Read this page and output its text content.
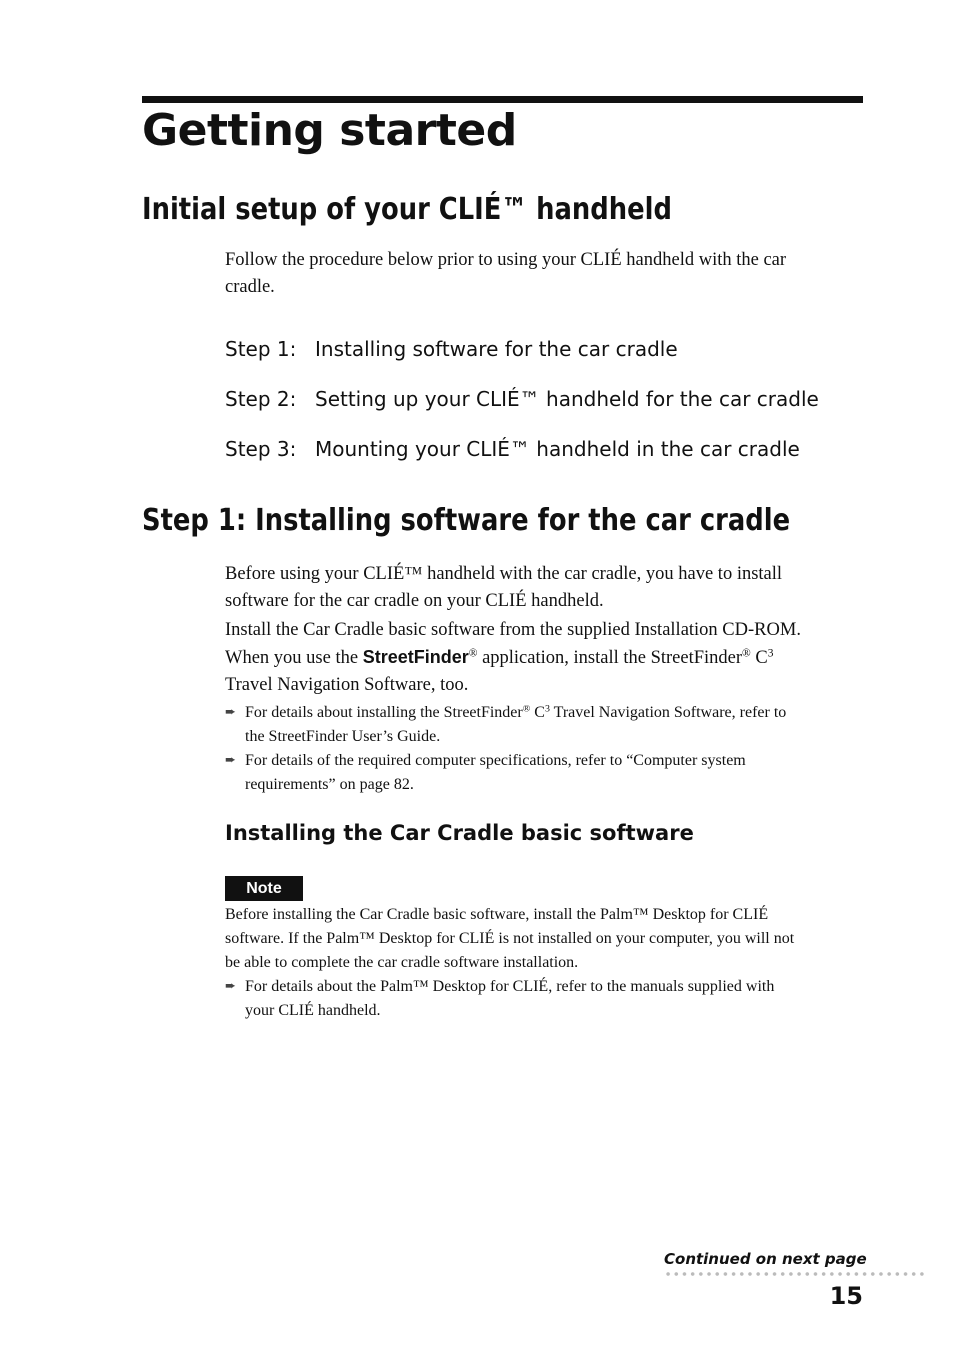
Getting started
Initial setup of your CLIÉ™ handheld

Follow the procedure below prior to using your CLIÉ handheld with the car
cradle.

Step 1: Installing software for the car cradle

Step 2: Setting up your CLIÉ™ handheld for the car cradle

Step 3: Mounting your CLIÉ™ handheld in the car cradle

Step 1: Installing software for the car cradle

Before using your CLIÉ™ handheld with the car cradle, you have to install
software for the car cradle on your CLIÉ handheld.

Install the Car Cradle basic software from the supplied Installation CD-ROM.
When you use the StreetFinder® application, install the StreetFinder® $C^3$
Travel Navigation Software, too.

➨ For details about installing the StreetFinder® $C^3$ Travel Navigation Software, refer to
the StreetFinder User’s Guide.
➨ For details of the required computer specifications, refer to “Computer system
requirements” on page 82.
Installing the Car Cradle basic software
Note

Before installing the Car Cradle basic software, install the Palm™ Desktop for CLIÉ
software. If the Palm™ Desktop for CLIÉ is not installed on your computer, you will not
be able to complete the car cradle software installation.

➨ For details about the Palm™ Desktop for CLIÉ, refer to the manuals supplied with
your CLIÉ handheld.

Continued on next page

15
